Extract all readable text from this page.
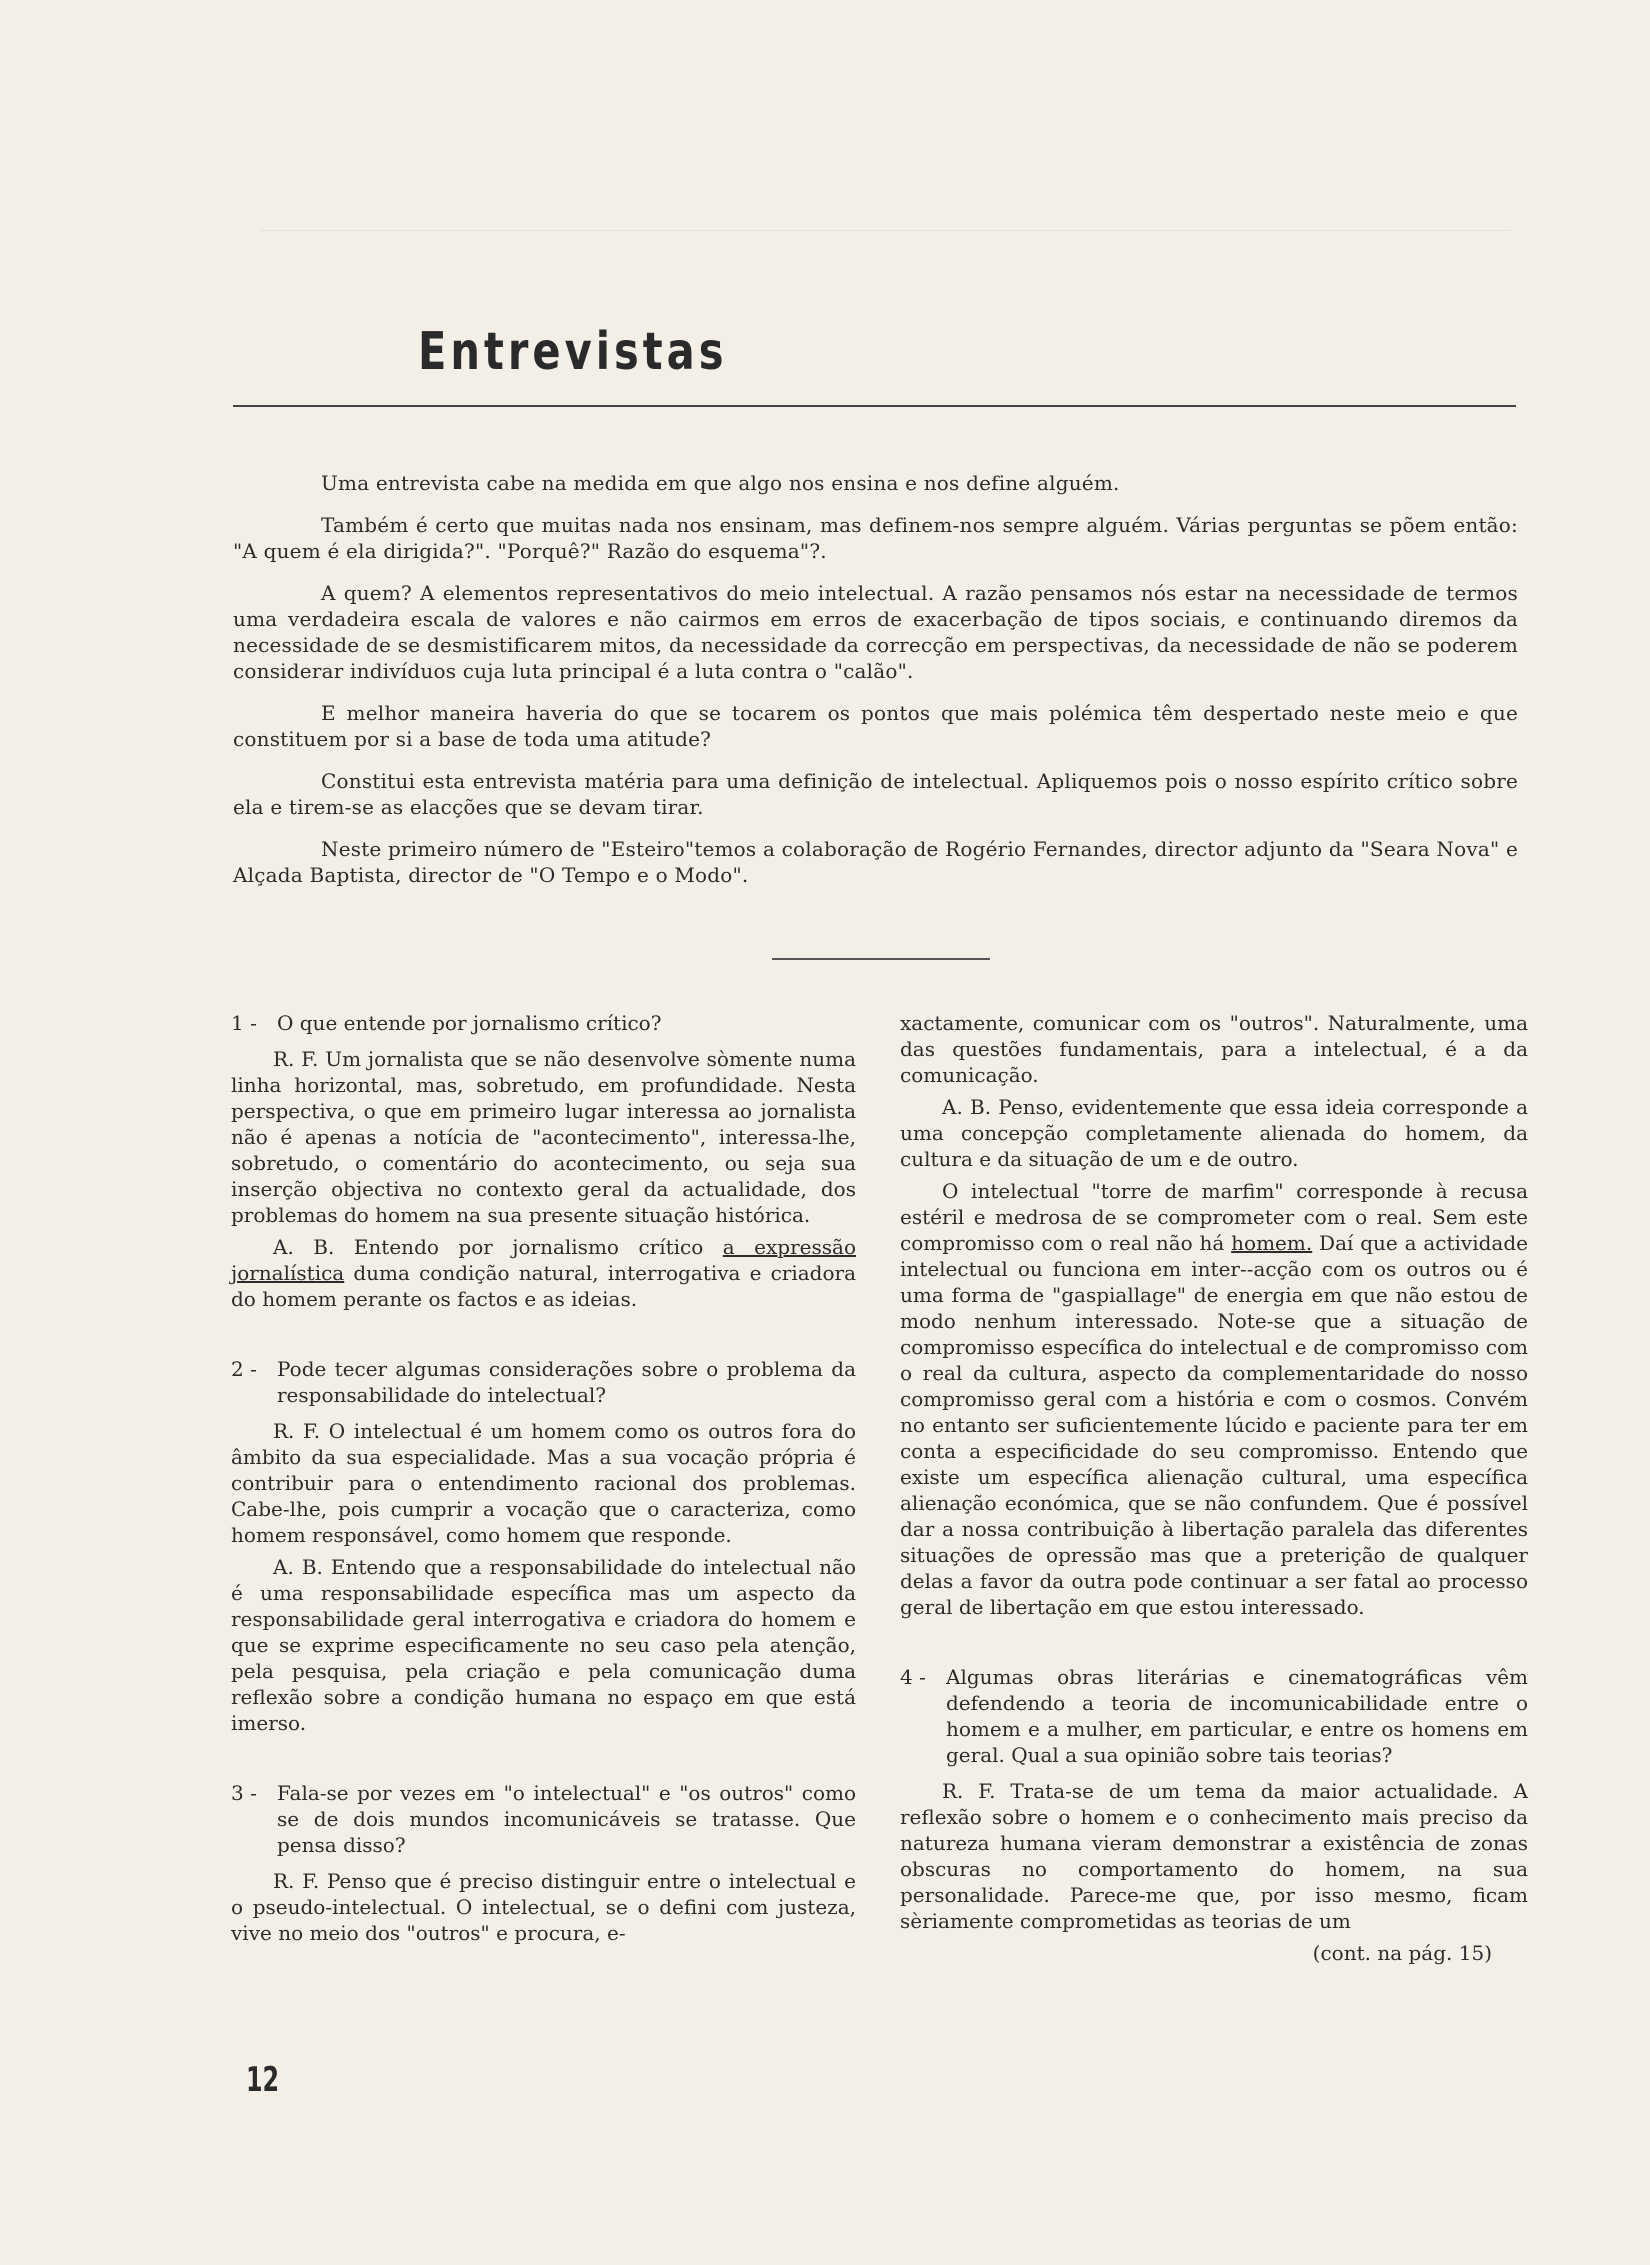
Entrevistas

Uma entrevista cabe na medida em que algo nos ensina e nos define alguém.

Também é certo que muitas nada nos ensinam, mas definem-nos sempre alguém. Várias perguntas se põem então: "A quem é ela dirigida?". "Porquê?" Razão do esquema"?.

A quem? A elementos representativos do meio intelectual. A razão pensamos nós estar na necessidade de termos uma verdadeira escala de valores e não cairmos em erros de exacerbação de tipos sociais, e continuando diremos da necessidade de se desmistificarem mitos, da necessidade da correcção em perspectivas, da necessidade de não se poderem considerar indivíduos cuja luta principal é a luta contra o "calão".

E melhor maneira haveria do que se tocarem os pontos que mais polémica têm despertado neste meio e que constituem por si a base de toda uma atitude?

Constitui esta entrevista matéria para uma definição de intelectual. Apliquemos pois o nosso espírito crítico sobre ela e tirem-se as elacções que se devam tirar.

Neste primeiro número de "Esteiro"temos a colaboração de Rogério Fernandes, director adjunto da "Seara Nova" e Alçada Baptista, director de "O Tempo e o Modo".

1 -	O que entende por jornalismo crítico?

R. F. Um jornalista que se não desenvolve sòmente numa linha horizontal, mas, sobretudo, em profundidade. Nesta perspectiva, o que em primeiro lugar interessa ao jornalista não é apenas a notícia de "acontecimento", interessa-lhe, sobretudo, o comentário do acontecimento, ou seja sua inserção objectiva no contexto geral da actualidade, dos problemas do homem na sua presente situação histórica.

A. B. Entendo por jornalismo crítico a expressão jornalística duma condição natural, interrogativa e criadora do homem perante os factos e as ideias.

2 -	Pode tecer algumas considerações sobre o problema da responsabilidade do intelectual?

R. F. O intelectual é um homem como os outros fora do âmbito da sua especialidade. Mas a sua vocação própria é contribuir para o entendimento racional dos problemas. Cabe-lhe, pois cumprir a vocação que o caracteriza, como homem responsável, como homem que responde.

A. B. Entendo que a responsabilidade do intelectual não é uma responsabilidade específica mas um aspecto da responsabilidade geral interrogativa e criadora do homem e que se exprime especificamente no seu caso pela atenção, pela pesquisa, pela criação e pela comunicação duma reflexão sobre a condição humana no espaço em que está imerso.

3 -	Fala-se por vezes em "o intelectual" e "os outros" como se de dois mundos incomunicáveis se tratasse. Que pensa disso?

R. F. Penso que é preciso distinguir entre o intelectual e o pseudo-intelectual. O intelectual, se o defini com justeza, vive no meio dos "outros" e procura, e-

xactamente, comunicar com os "outros". Naturalmente, uma das questões fundamentais, para a intelectual, é a da comunicação.

A. B. Penso, evidentemente que essa ideia corresponde a uma concepção completamente alienada do homem, da cultura e da situação de um e de outro.

O intelectual "torre de marfim" corresponde à recusa estéril e medrosa de se comprometer com o real. Sem este compromisso com o real não há homem. Daí que a actividade intelectual ou funciona em inter--acção com os outros ou é uma forma de "gaspiallage" de energia em que não estou de modo nenhum interessado. Note-se que a situação de compromisso específica do intelectual e de compromisso com o real da cultura, aspecto da complementaridade do nosso compromisso geral com a história e com o cosmos. Convém no entanto ser suficientemente lúcido e paciente para ter em conta a especificidade do seu compromisso. Entendo que existe um específica alienação cultural, uma específica alienação económica, que se não confundem. Que é possível dar a nossa contribuição à libertação paralela das diferentes situações de opressão mas que a preterição de qualquer delas a favor da outra pode continuar a ser fatal ao processo geral de libertação em que estou interessado.

4 -	Algumas obras literárias e cinematográficas vêm defendendo a teoria de incomunicabilidade entre o homem e a mulher, em particular, e entre os homens em geral. Qual a sua opinião sobre tais teorias?

R. F. Trata-se de um tema da maior actualidade. A reflexão sobre o homem e o conhecimento mais preciso da natureza humana vieram demonstrar a existência de zonas obscuras no comportamento do homem, na sua personalidade. Parece-me que, por isso mesmo, ficam sèriamente comprometidas as teorias de um

(cont. na pág. 15)

12
